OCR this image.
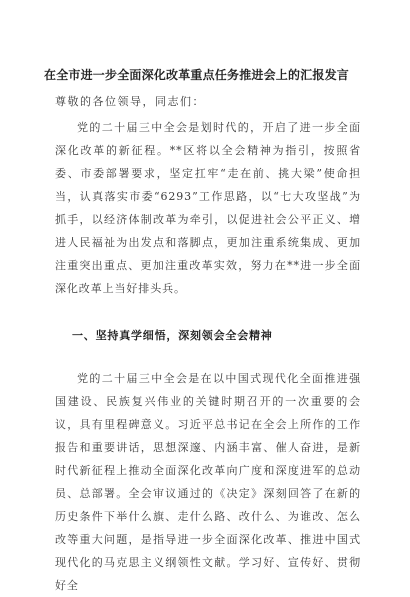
在全市进一步全面深化改革重点任务推进会上的汇报发言
尊敬的各位领导，同志们：

党的二十届三中全会是划时代的，开启了进一步全面深化改革的新征程。**区将以全会精神为指引，按照省委、市委部署要求，坚定扛牢“走在前、挑大梁”使命担当，认真落实市委“6293”工作思路，以“七大攻坚战”为抓手，以经济体制改革为牵引，以促进社会公平正义、增进人民福祉为出发点和落脚点，更加注重系统集成、更加注重突出重点、更加注重改革实效，努力在**进一步全面深化改革上当好排头兵。

一、坚持真学细悟，深刻领会全会精神

党的二十届三中全会是在以中国式现代化全面推进强国建设、民族复兴伟业的关键时期召开的一次重要的会议，具有里程碑意义。习近平总书记在全会上所作的工作报告和重要讲话，思想深邃、内涵丰富、催人奋进，是新时代新征程上推动全面深化改革向广度和深度进军的总动员、总部署。全会审议通过的《决定》深刻回答了在新的历史条件下举什么旗、走什么路、改什么、为谁改、怎么改等重大问题，是指导进一步全面深化改革、推进中国式现代化的马克思主义纲领性文献。学习好、宣传好、贯彻好全
